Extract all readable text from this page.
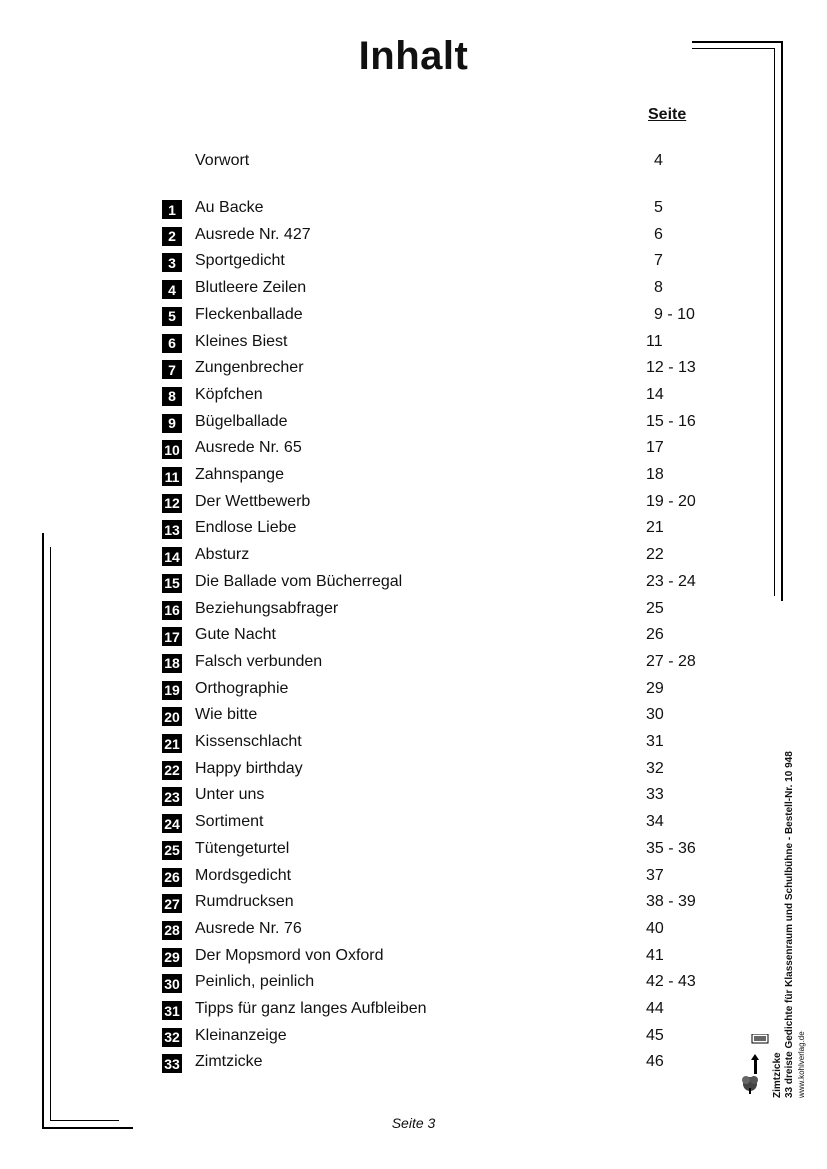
Inhalt
Seite
Vorwort	4
1	Au Backe	5
2	Ausrede Nr. 427	6
3	Sportgedicht	7
4	Blutleere Zeilen	8
5	Fleckenballade	9 - 10
6	Kleines Biest	11
7	Zungenbrecher	12 - 13
8	Köpfchen	14
9	Bügelballade	15 - 16
10 Ausrede Nr. 65	17
11 Zahnspange	18
12 Der Wettbewerb	19 - 20
13 Endlose Liebe	21
14 Absturz	22
15 Die Ballade vom Bücherregal	23 - 24
16 Beziehungsabfrager	25
17 Gute Nacht	26
18 Falsch verbunden	27 - 28
19 Orthographie	29
20 Wie bitte	30
21 Kissenschlacht	31
22 Happy birthday	32
23 Unter uns	33
24 Sortiment	34
25 Tütengeturtel	35 - 36
26 Mordsgedicht	37
27 Rumdrucksen	38 - 39
28 Ausrede Nr. 76	40
29 Der Mopsmord von Oxford	41
30 Peinlich, peinlich	42 - 43
31 Tipps für ganz langes Aufbleiben	44
32 Kleinanzeige	45
33 Zimtzicke	46
Seite 3
Zimtzicke 33 dreiste Gedichte für Klassenraum und Schulbühne - Bestell-Nr. 10 948 www.kohlverlag.de
